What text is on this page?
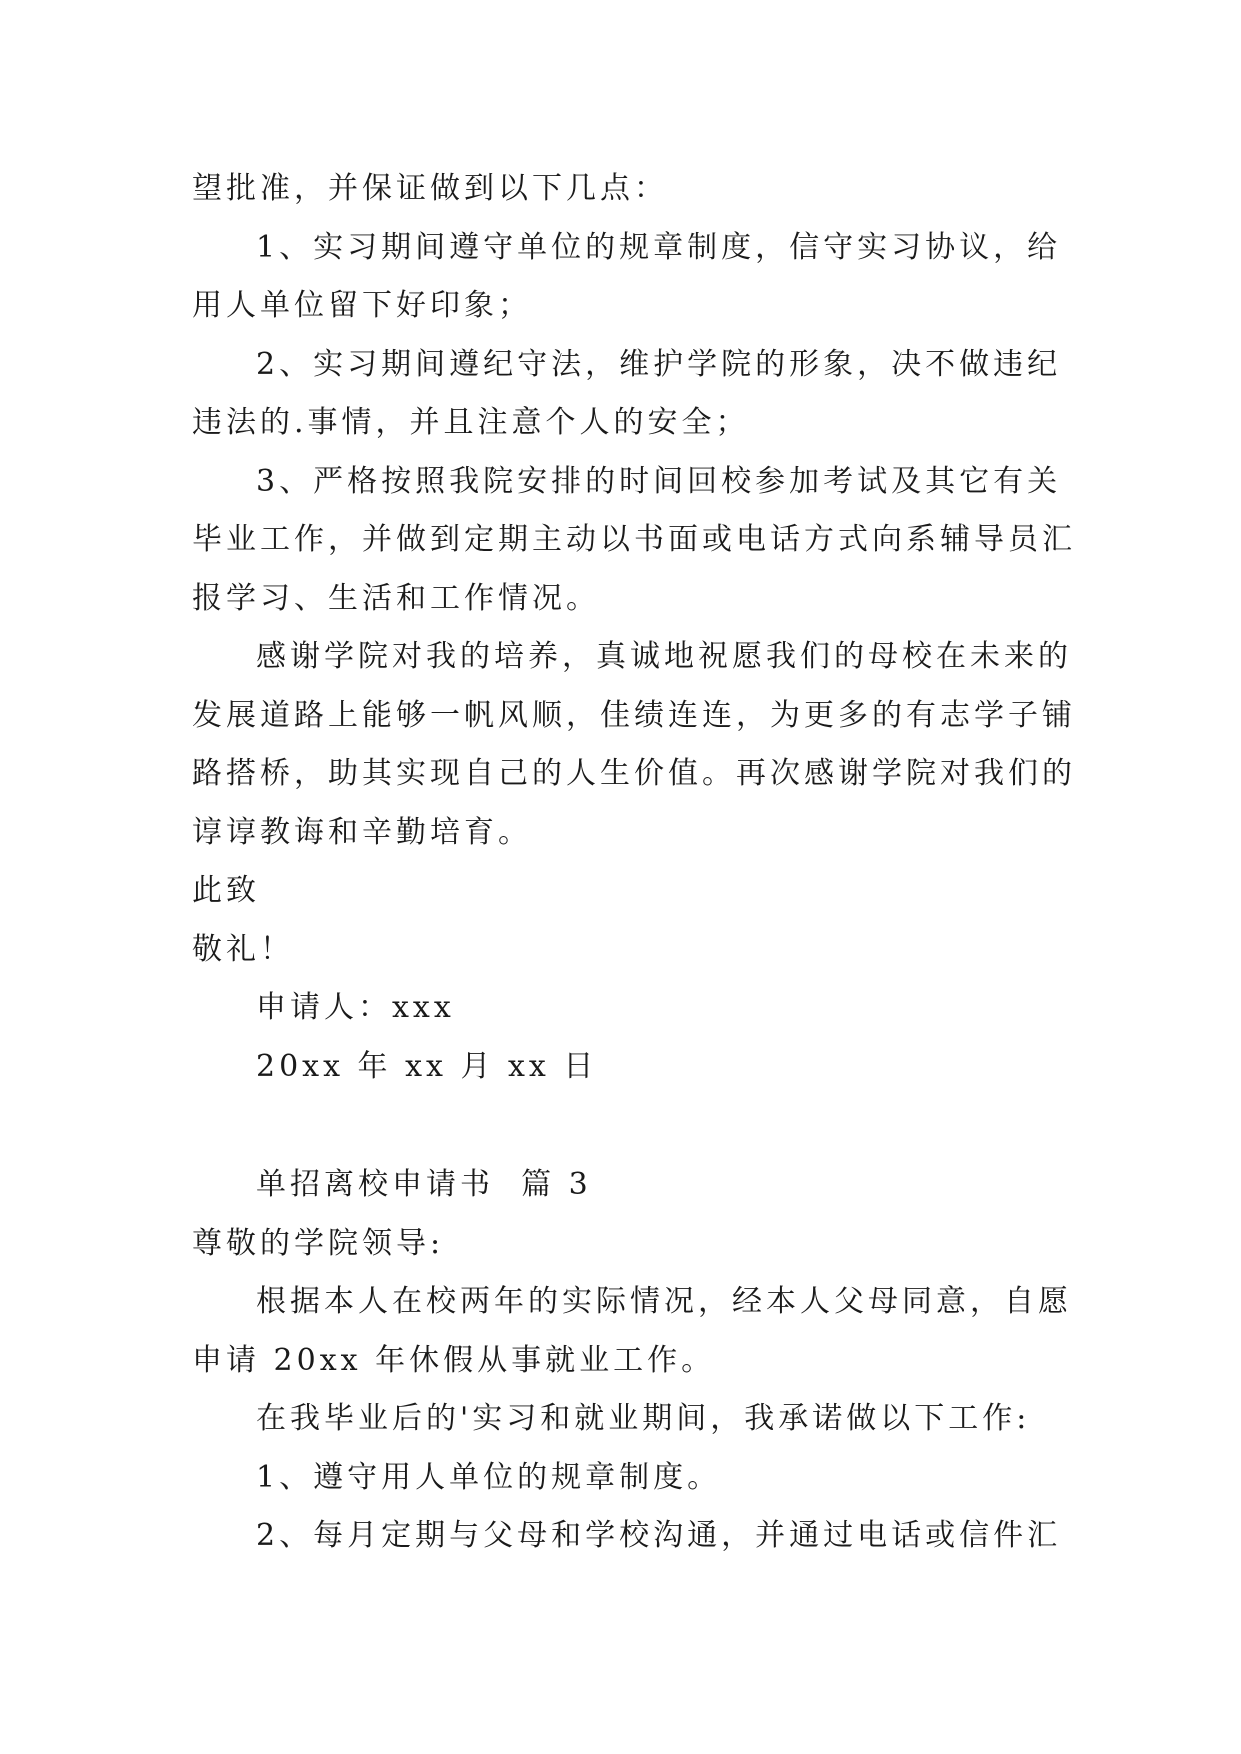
望批准，并保证做到以下几点：

1、实习期间遵守单位的规章制度，信守实习协议，给

用人单位留下好印象；

2、实习期间遵纪守法，维护学院的形象，决不做违纪

违法的.事情，并且注意个人的安全；

3、严格按照我院安排的时间回校参加考试及其它有关

毕业工作，并做到定期主动以书面或电话方式向系辅导员汇

报学习、生活和工作情况。

感谢学院对我的培养，真诚地祝愿我们的母校在未来的

发展道路上能够一帆风顺，佳绩连连，为更多的有志学子铺

路搭桥，助其实现自己的人生价值。再次感谢学院对我们的

谆谆教诲和辛勤培育。

此致

敬礼！

申请人：xxx

20xx 年 xx 月 xx 日

单招离校申请书  篇 3

尊敬的学院领导:

根据本人在校两年的实际情况，经本人父母同意，自愿

申请 20xx 年休假从事就业工作。

在我毕业后的'实习和就业期间，我承诺做以下工作:

1、遵守用人单位的规章制度。

2、每月定期与父母和学校沟通，并通过电话或信件汇
